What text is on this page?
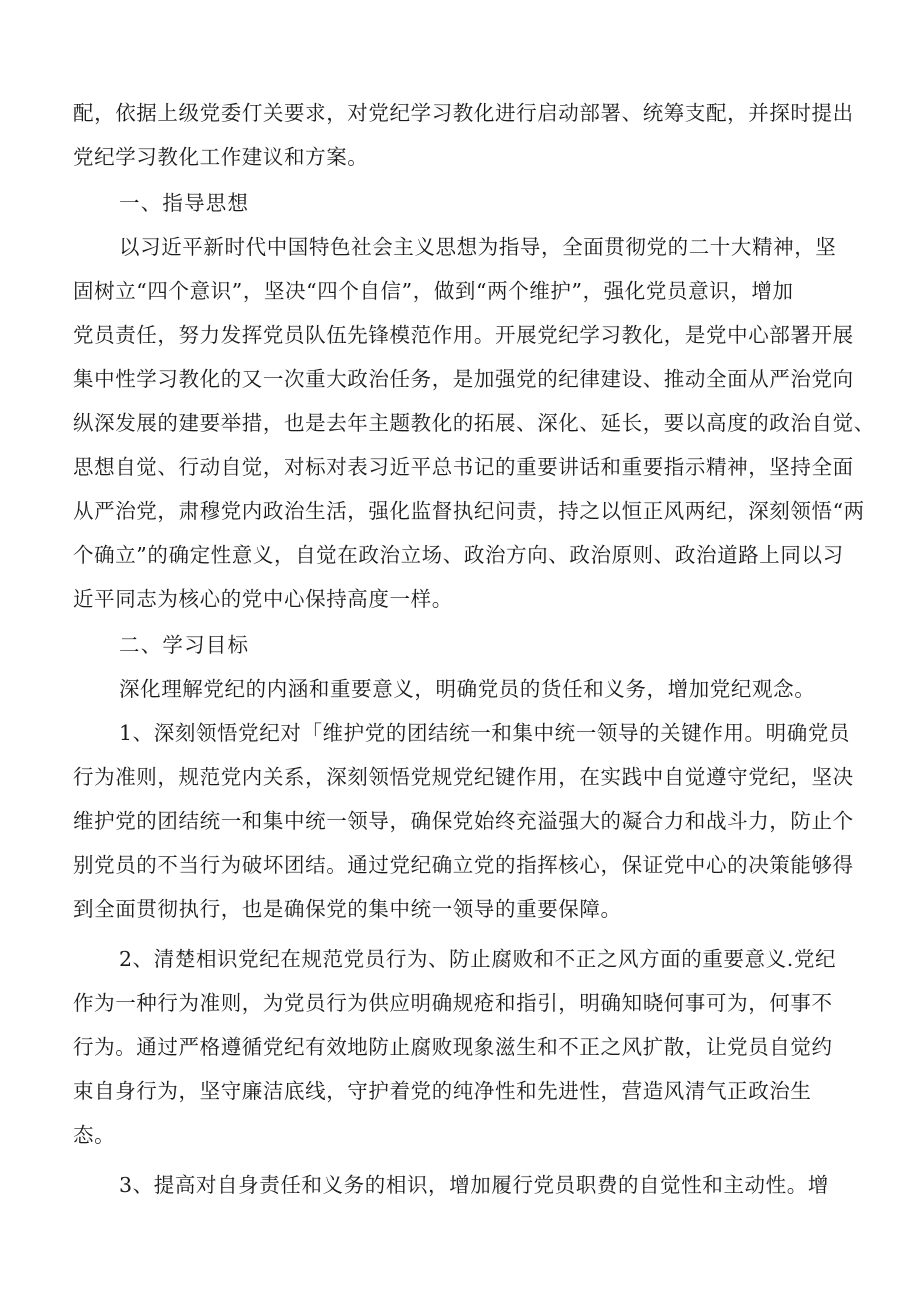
配，依据上级党委仃关要求，对党纪学习教化进行启动部署、统筹支配，并探时提出
党纪学习教化工作建议和方案。
一、指导思想
以习近平新时代中国特色社会主义思想为指导，全面贯彻党的二十大精神，坚
固树立“四个意识”，坚决“四个自信”，做到“两个维护”，强化党员意识，增加
党员责任，努力发挥党员队伍先锋模范作用。开展党纪学习教化，是党中心部署开展
集中性学习教化的又一次重大政治任务，是加强党的纪律建设、推动全面从严治党向
纵深发展的建要举措，也是去年主题教化的拓展、深化、延长，要以高度的政治自觉、
思想自觉、行动自觉，对标对表习近平总书记的重要讲话和重要指示精神，坚持全面
从严治党，肃穆党内政治生活，强化监督执纪问责，持之以恒正风两纪，深刻领悟“两
个确立”的确定性意义，自觉在政治立场、政治方向、政治原则、政治道路上同以习
近平同志为核心的党中心保持高度一样。
二、学习目标
深化理解党纪的内涵和重要意义，明确党员的货任和义务，增加党纪观念。
1、深刻领悟党纪对「维护党的团结统一和集中统一领导的关键作用。明确党员
行为准则，规范党内关系，深刻领悟党规党纪键作用，在实践中自觉遵守党纪，坚决
维护党的团结统一和集中统一领导，确保党始终充溢强大的凝合力和战斗力，防止个
别党员的不当行为破坏团结。通过党纪确立党的指挥核心，保证党中心的决策能够得
到全面贯彻执行，也是确保党的集中统一领导的重要保障。
2、清楚相识党纪在规范党员行为、防止腐败和不正之风方面的重要意义.党纪
作为一种行为准则，为党员行为供应明确规疮和指引，明确知晓何事可为，何事不
行为。通过严格遵循党纪有效地防止腐败现象滋生和不正之风扩散，让党员自觉约
束自身行为，坚守廉洁底线，守护着党的纯净性和先进性，营造风清气正政治生
态。
3、提高对自身责任和义务的相识，增加履行党员职费的自觉性和主动性。增
